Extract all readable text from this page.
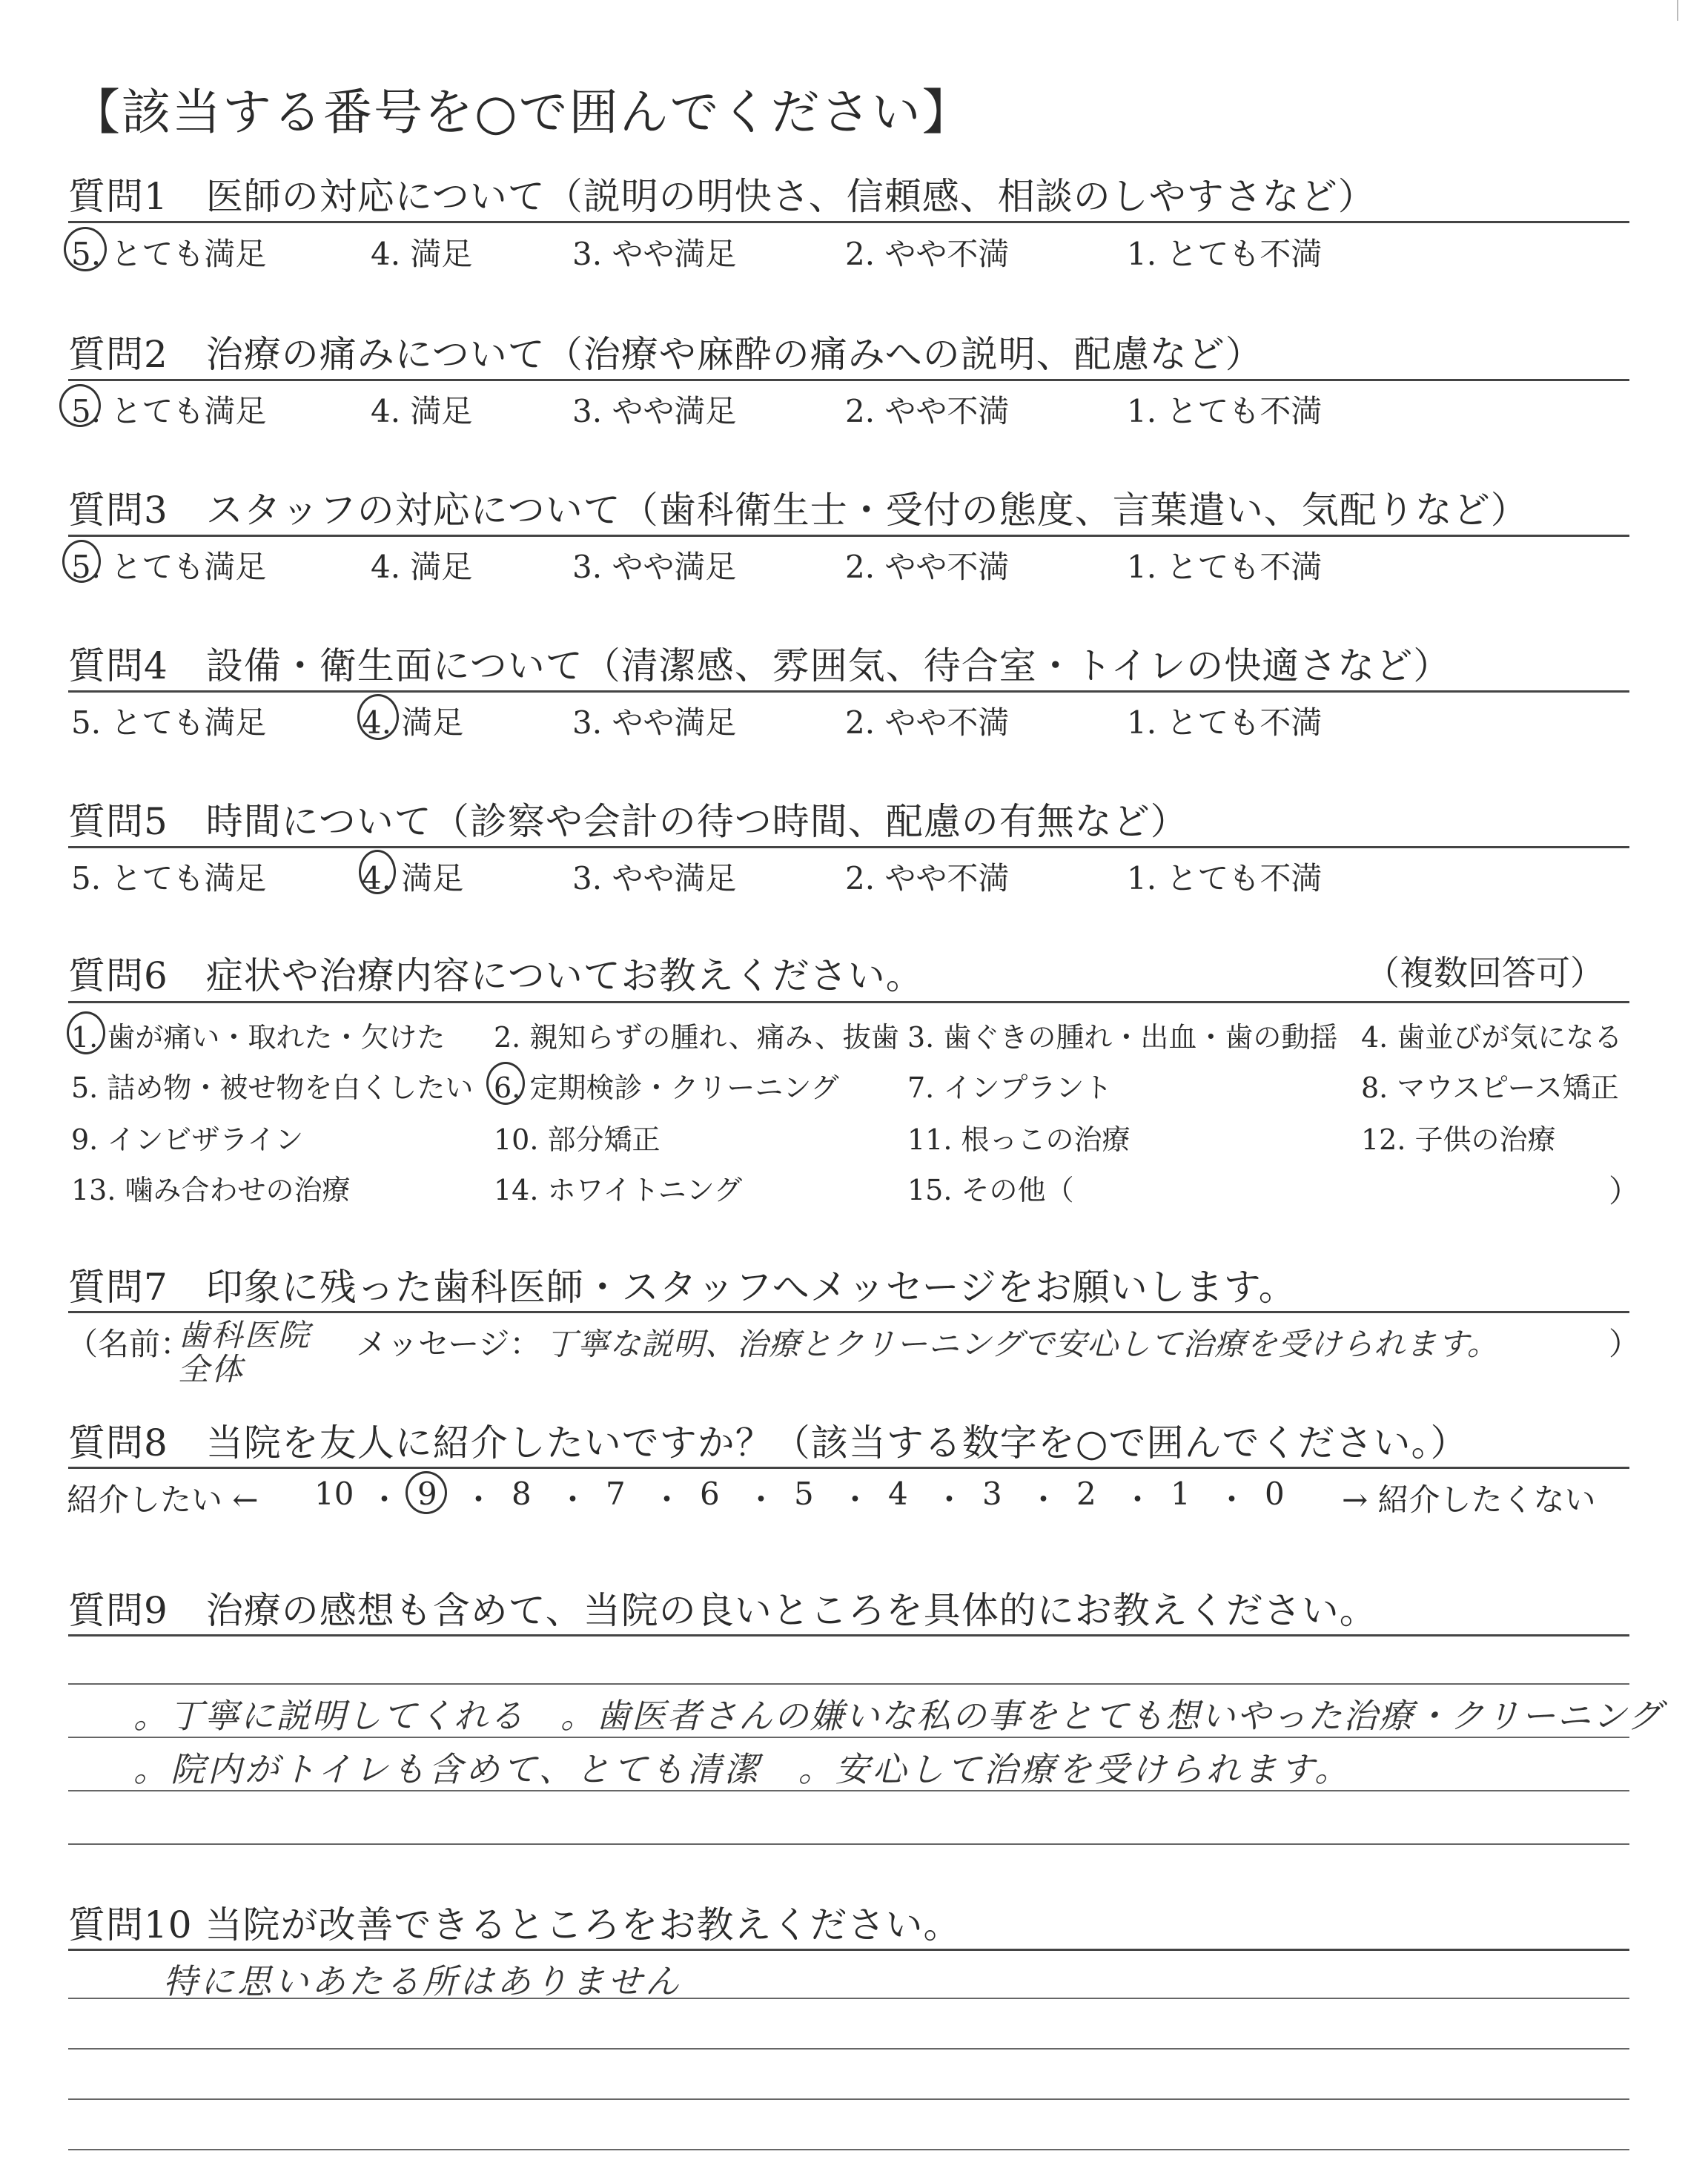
【該当する番号を○で囲んでください】
質問1　医師の対応について（説明の明快さ、信頼感、相談のしやすさなど）
5. とても満足	4. 満足	3. やや満足	2. やや不満	1. とても不満
質問2　治療の痛みについて（治療や麻酔の痛みへの説明、配慮など）
5. とても満足	4. 満足	3. やや満足	2. やや不満	1. とても不満
質問3　スタッフの対応について（歯科衛生士・受付の態度、言葉遣い、気配りなど）
5. とても満足	4. 満足	3. やや満足	2. やや不満	1. とても不満
質問4　設備・衛生面について（清潔感、雰囲気、待合室・トイレの快適さなど）
5. とても満足	4. 満足	3. やや満足	2. やや不満	1. とても不満
質問5　時間について（診察や会計の待つ時間、配慮の有無など）
5. とても満足	4. 満足	3. やや満足	2. やや不満	1. とても不満
質問6　症状や治療内容についてお教えください。	（複数回答可）
1. 歯が痛い・取れた・欠けた 2. 親知らずの腫れ、痛み、抜歯 3. 歯ぐきの腫れ・出血・歯の動揺 4. 歯並びが気になる
5. 詰め物・被せ物を白くしたい 6. 定期検診・クリーニング 7. インプラント	8. マウスピース矯正
9. インビザライン	10. 部分矯正	11. 根っこの治療	12. 子供の治療
13. 噛み合わせの治療	14. ホワイトニング	15. その他（	）
質問7　印象に残った歯科医師・スタッフへメッセージをお願いします。
（名前：
歯科医院 全体
メッセージ： 丁寧な説明、治療とクリーニングで安心して治療を受けられます。	）
質問8　当院を友人に紹介したいですか？（該当する数字を○で囲んでください。）
紹介したい ←	→ 紹介したくない
10 ・ 9 ・ 8 ・ 7 ・ 6 ・ 5 ・ 4 ・ 3 ・ 2 ・ 1 ・ 0
質問9　治療の感想も含めて、当院の良いところを具体的にお教えください。
。丁寧に説明してくれる　。歯医者さんの嫌いな私の事をとても想いやった治療・クリーニング
。院内がトイレも含めて、とても清潔　。安心して治療を受けられます。
質問10 当院が改善できるところをお教えください。
特に思いあたる所はありません
